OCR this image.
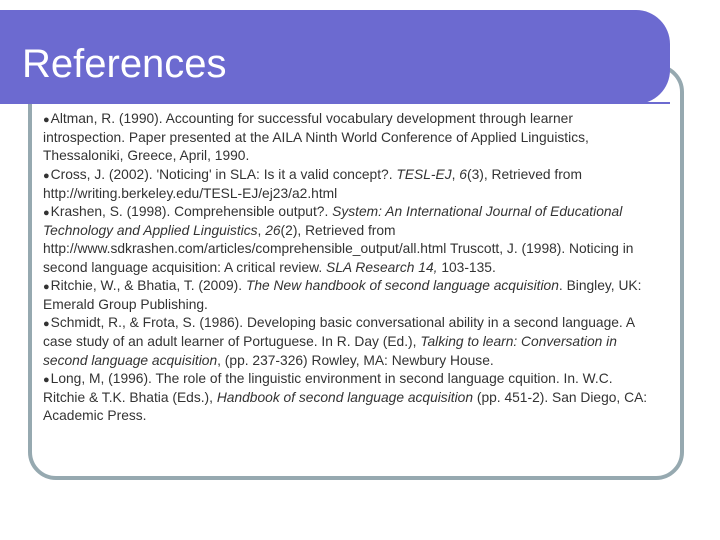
References

●Altman, R. (1990). Accounting for successful vocabulary development through learner introspection. Paper presented at the AILA Ninth World Conference of Applied Linguistics, Thessaloniki, Greece, April, 1990.

●Cross, J. (2002). 'Noticing' in SLA: Is it a valid concept?. TESL-EJ, 6(3), Retrieved from http://writing.berkeley.edu/TESL-EJ/ej23/a2.html

●Krashen, S. (1998). Comprehensible output?. System: An International Journal of Educational Technology and Applied Linguistics, 26(2), Retrieved from http://www.sdkrashen.com/articles/comprehensible_output/all.html Truscott, J. (1998). Noticing in second language acquisition: A critical review. SLA Research 14, 103-135.

●Ritchie, W., & Bhatia, T. (2009). The New handbook of second language acquisition. Bingley, UK: Emerald Group Publishing.

●Schmidt, R., & Frota, S. (1986). Developing basic conversational ability in a second language. A case study of an adult learner of Portuguese. In R. Day (Ed.), Talking to learn: Conversation in second language acquisition, (pp. 237-326) Rowley, MA: Newbury House.

●Long, M, (1996). The role of the linguistic environment in second language cquition. In. W.C. Ritchie & T.K. Bhatia (Eds.), Handbook of second language acquisition (pp. 451-2). San Diego, CA: Academic Press.
